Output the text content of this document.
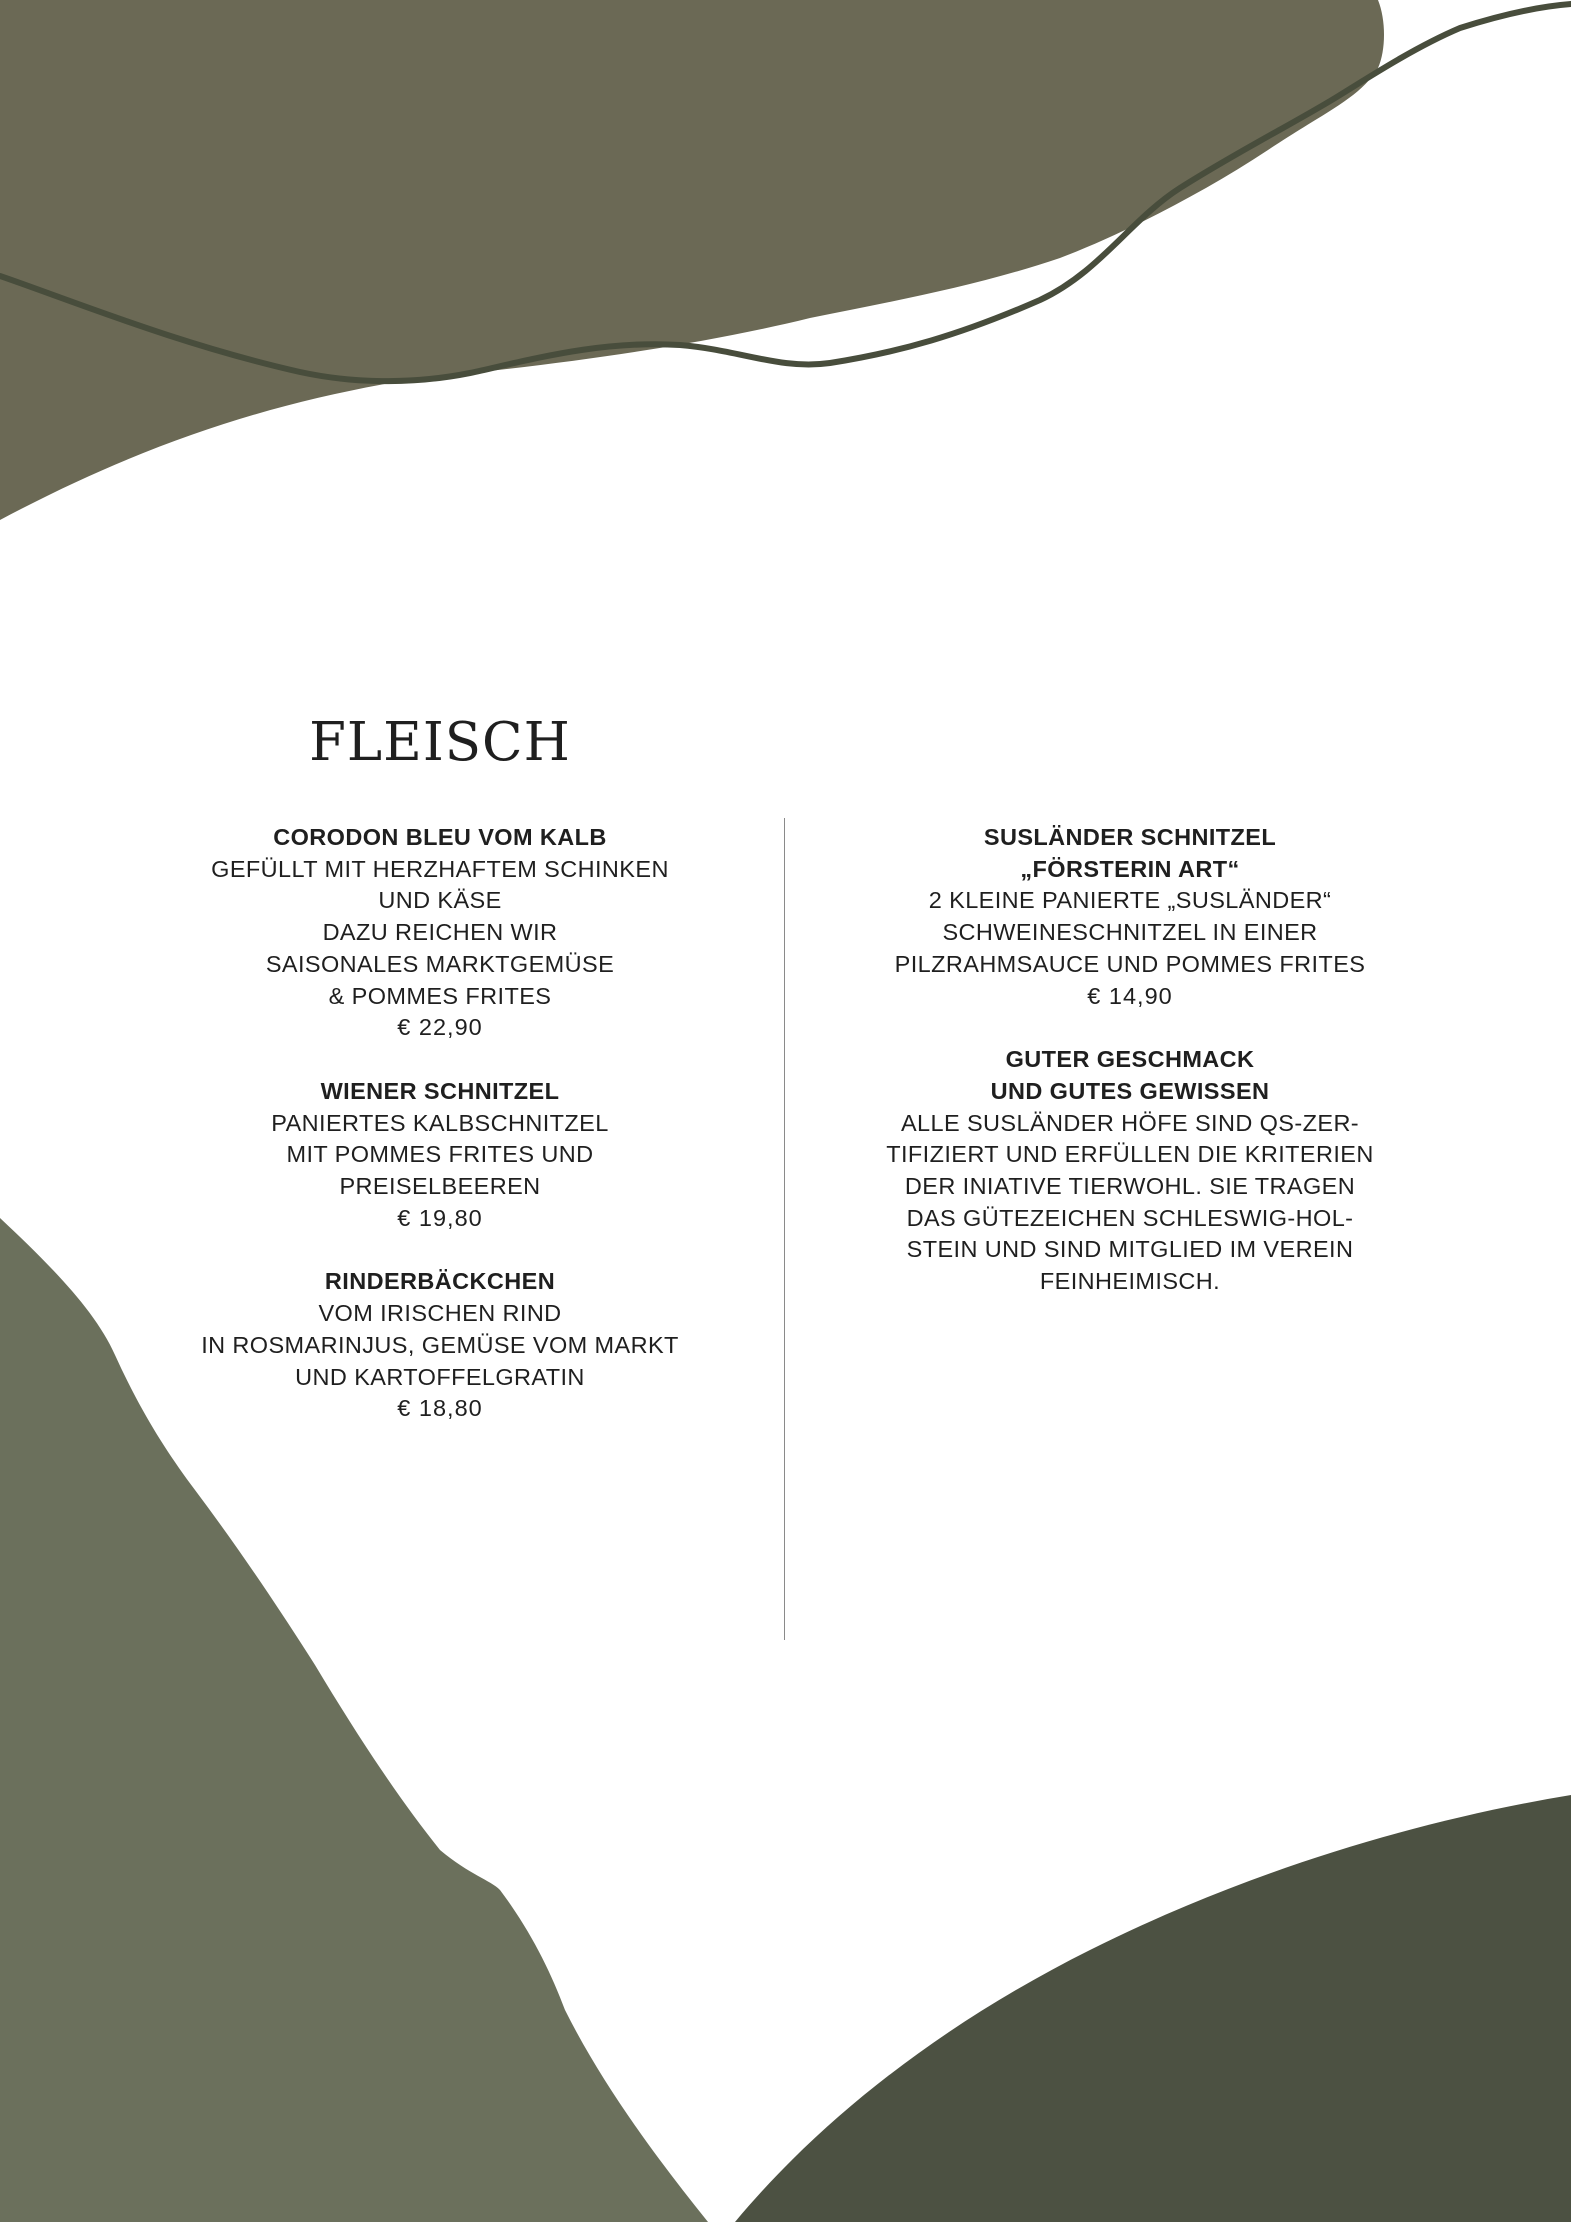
FLEISCH
CORODON BLEU VOM KALB
GEFÜLLT MIT HERZHAFTEM SCHINKEN
UND KÄSE
DAZU REICHEN WIR
SAISONALES MARKTGEMÜSE
& POMMES FRITES
€ 22,90
WIENER SCHNITZEL
PANIERTES KALBSCHNITZEL
MIT POMMES FRITES UND
PREISELBEEREN
€ 19,80
RINDERBÄCKCHEN
VOM IRISCHEN RIND
IN ROSMARINJUS, GEMÜSE VOM MARKT
UND KARTOFFELGRATIN
€ 18,80
SUSLÄNDER SCHNITZEL
„FÖRSTERIN ART“
2 KLEINE PANIERTE „SUSLÄNDER“
SCHWEINESCHNITZEL IN EINER
PILZRAHMSAUCE UND POMMES FRITES
€ 14,90
GUTER GESCHMACK
UND GUTES GEWISSEN
ALLE SUSLÄNDER HÖFE SIND QS-ZER-
TIFIZIERT UND ERFÜLLEN DIE KRITERIEN
DER INIATIVE TIERWOHL. SIE TRAGEN
DAS GÜTEZEICHEN SCHLESWIG-HOL-
STEIN UND SIND MITGLIED IM VEREIN
FEINHEIMISCH.
